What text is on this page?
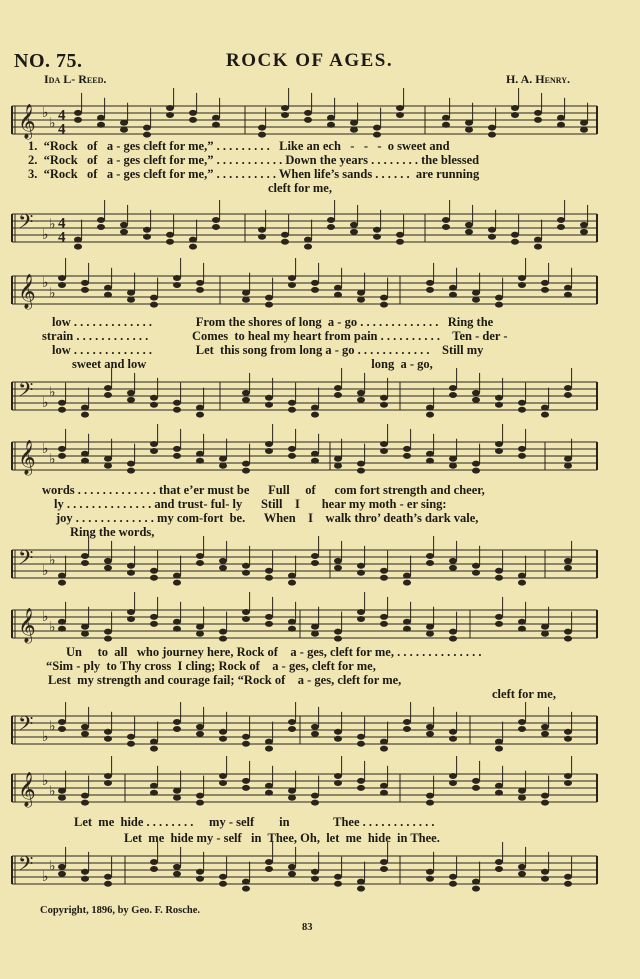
NO. 75.	ROCK OF AGES.
Ida L- Reed.	H. A. Henry.
𝄞 ♭
♭
4
4
1.  “Rock   of   a - ges cleft for me,” . . . . . . . . .   Like an ech   -   -   -  o sweet and
2.  “Rock   of   a - ges cleft for me,” . . . . . . . . . . . Down the years . . . . . . . . the blessed
3.  “Rock   of   a - ges cleft for me,” . . . . . . . . . . When life’s sands . . . . . .  are running
cleft for me,
𝄢 ♭
♭ 4
4
𝄞 ♭
♭
low . . . . . . . . . . . . .              From the shores of long  a - go . . . . . . . . . . . . .   Ring the
strain . . . . . . . . . . . .              Comes  to heal my heart from pain . . . . . . . . . .    Ten - der -
low . . . . . . . . . . . . .              Let  this song from long a - go . . . . . . . . . . . .    Still my
sweet and low                                                                        long  a - go,
𝄢 ♭
♭
𝄞 ♭
♭
words . . . . . . . . . . . . . that e’er must be      Full     of      com fort strength and cheer,
ly . . . . . . . . . . . . . . and trust- ful- ly      Still    I       hear my moth - er sing:
joy . . . . . . . . . . . . . my com-fort  be.      When    I    walk thro’ death’s dark vale,
Ring the words,
𝄢 ♭
♭
𝄞 ♭
♭
Un     to  all   who journey here, Rock of    a - ges, cleft for me, . . . . . . . . . . . . . .
“Sim - ply  to Thy cross  I cling; Rock of    a - ges, cleft for me,
Lest  my strength and courage fail; “Rock of    a - ges, cleft for me,
cleft for me,
𝄢 ♭
♭
𝄞 ♭
♭
Let  me  hide . . . . . . . .     my - self        in              Thee . . . . . . . . . . . .
Let  me  hide my - self   in  Thee, Oh,  let  me  hide  in Thee.
𝄢 ♭
♭
Copyright, 1896, by Geo. F. Rosche.
83
